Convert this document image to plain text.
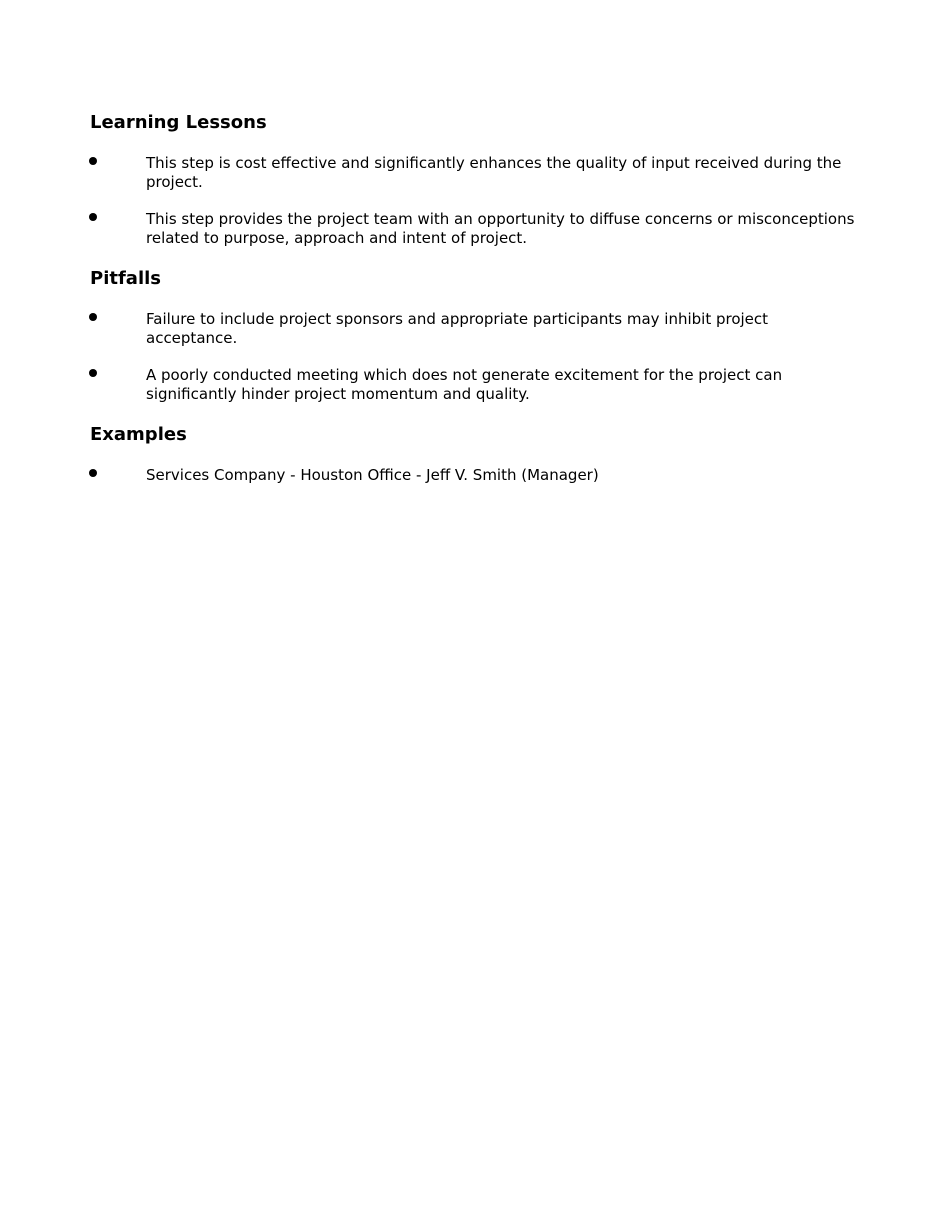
Learning Lessons

This step is cost effective and significantly enhances the quality of input received during the project.

This step provides the project team with an opportunity to diffuse concerns or misconceptions related to purpose, approach and intent of project.

Pitfalls

Failure to include project sponsors and appropriate participants may inhibit project acceptance.

A poorly conducted meeting which does not generate excitement for the project can significantly hinder project momentum and quality.

Examples

Services Company - Houston Office - Jeff V. Smith (Manager)
